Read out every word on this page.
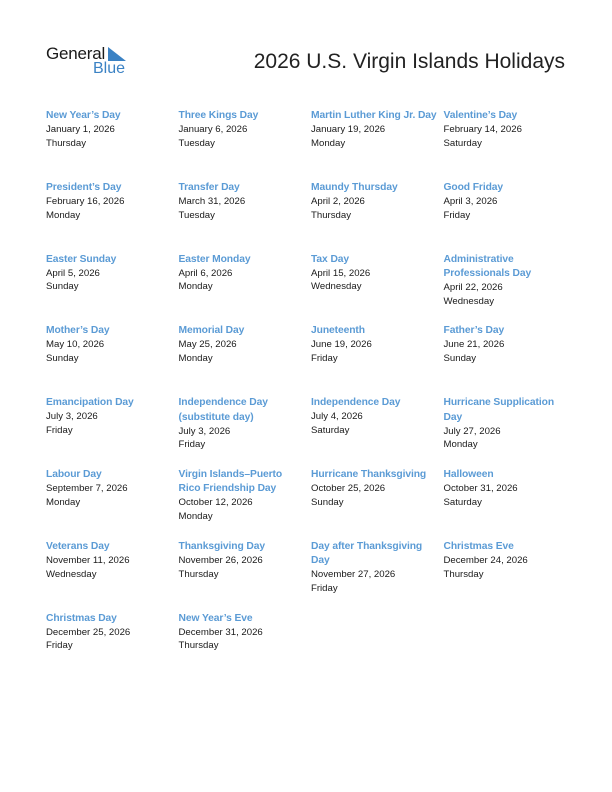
General
Blue	2026 U.S. Virgin Islands Holidays
New Year’s Day
January 1, 2026
Thursday
Three Kings Day
January 6, 2026
Tuesday
Martin Luther King Jr. Day
January 19, 2026
Monday
Valentine’s Day
February 14, 2026
Saturday
President’s Day
February 16, 2026
Monday
Transfer Day
March 31, 2026
Tuesday
Maundy Thursday
April 2, 2026
Thursday
Good Friday
April 3, 2026
Friday
Easter Sunday
April 5, 2026
Sunday
Easter Monday
April 6, 2026
Monday
Tax Day
April 15, 2026
Wednesday
Administrative Professionals Day
April 22, 2026
Wednesday
Mother’s Day
May 10, 2026
Sunday
Memorial Day
May 25, 2026
Monday
Juneteenth
June 19, 2026
Friday
Father’s Day
June 21, 2026
Sunday
Emancipation Day
July 3, 2026
Friday
Independence Day (substitute day)
July 3, 2026
Friday
Independence Day
July 4, 2026
Saturday
Hurricane Supplication Day
July 27, 2026
Monday
Labour Day
September 7, 2026
Monday
Virgin Islands–Puerto Rico Friendship Day
October 12, 2026
Monday
Hurricane Thanksgiving
October 25, 2026
Sunday
Halloween
October 31, 2026
Saturday
Veterans Day
November 11, 2026
Wednesday
Thanksgiving Day
November 26, 2026
Thursday
Day after Thanksgiving Day
November 27, 2026
Friday
Christmas Eve
December 24, 2026
Thursday
Christmas Day
December 25, 2026
Friday
New Year’s Eve
December 31, 2026
Thursday
